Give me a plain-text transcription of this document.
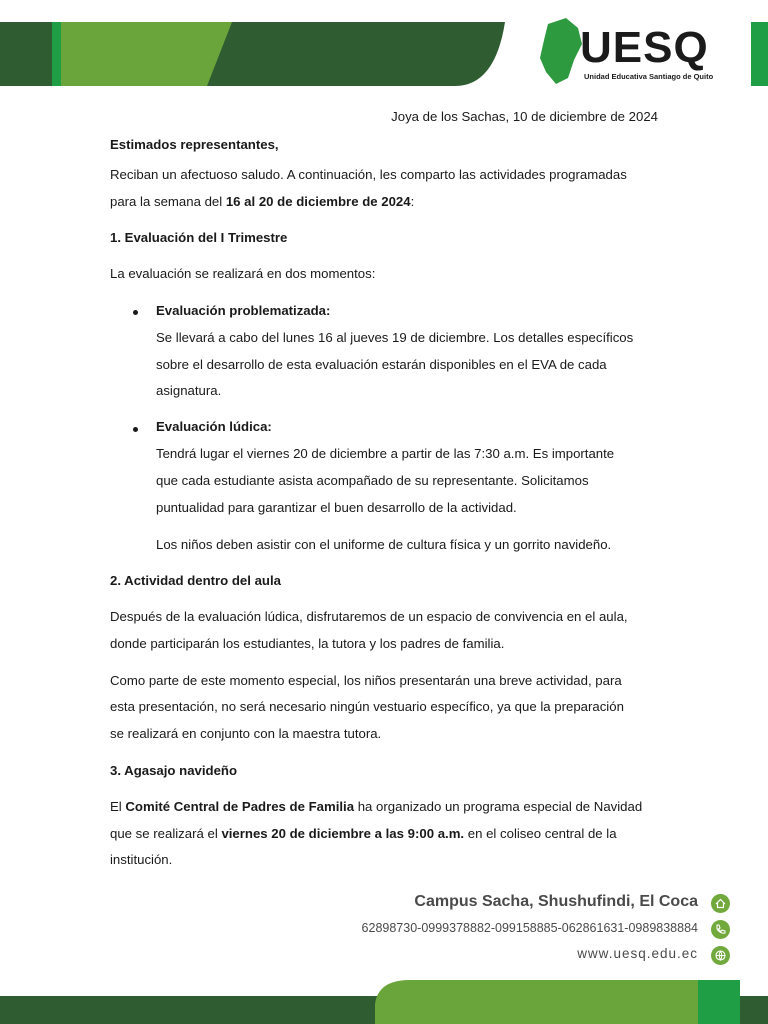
UESQ
Unidad Educativa Santiago de Quito
Joya de los Sachas, 10 de diciembre de 2024
Estimados representantes,
Reciban un afectuoso saludo. A continuación, les comparto las actividades programadas
para la semana del 16 al 20 de diciembre de 2024:
1. Evaluación del I Trimestre
La evaluación se realizará en dos momentos:
Evaluación problematizada:
Se llevará a cabo del lunes 16 al jueves 19 de diciembre. Los detalles específicos
sobre el desarrollo de esta evaluación estarán disponibles en el EVA de cada
asignatura.
Evaluación lúdica:
Tendrá lugar el viernes 20 de diciembre a partir de las 7:30 a.m. Es importante
que cada estudiante asista acompañado de su representante. Solicitamos
puntualidad para garantizar el buen desarrollo de la actividad.
Los niños deben asistir con el uniforme de cultura física y un gorrito navideño.
2. Actividad dentro del aula
Después de la evaluación lúdica, disfrutaremos de un espacio de convivencia en el aula,
donde participarán los estudiantes, la tutora y los padres de familia.
Como parte de este momento especial, los niños presentarán una breve actividad, para
esta presentación, no será necesario ningún vestuario específico, ya que la preparación
se realizará en conjunto con la maestra tutora.
3. Agasajo navideño
El Comité Central de Padres de Familia ha organizado un programa especial de Navidad
que se realizará el viernes 20 de diciembre a las 9:00 a.m. en el coliseo central de la
institución.
Campus Sacha, Shushufindi, El Coca
62898730-0999378882-099158885-062861631-0989838884
www.uesq.edu.ec
